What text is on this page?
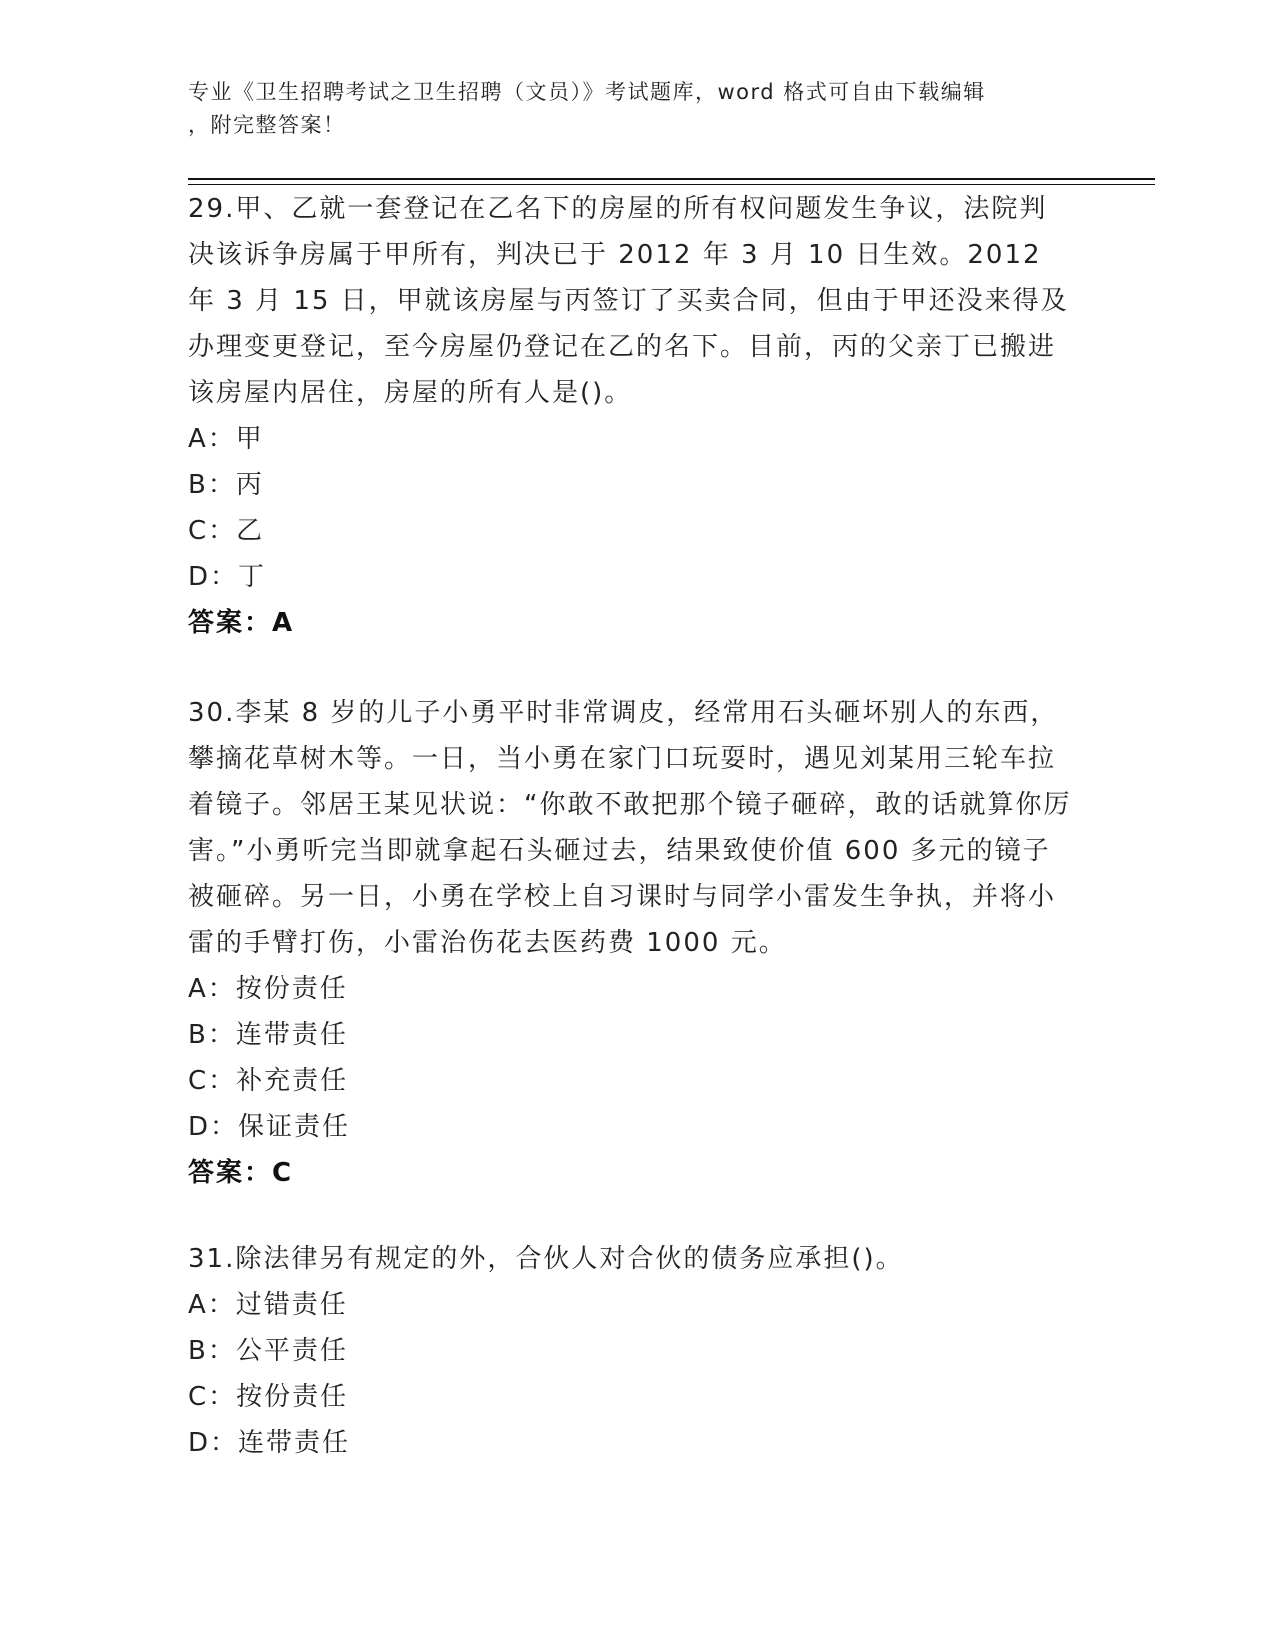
专业《卫生招聘考试之卫生招聘（文员）》考试题库，word 格式可自由下载编辑
，附完整答案！

29.甲、乙就一套登记在乙名下的房屋的所有权问题发生争议，法院判决该诉争房属于甲所有，判决已于 2012 年 3 月 10 日生效。2012 年 3 月 15 日，甲就该房屋与丙签订了买卖合同，但由于甲还没来得及办理变更登记，至今房屋仍登记在乙的名下。目前，丙的父亲丁已搬进该房屋内居住，房屋的所有人是()。

A：甲

B：丙

C：乙

D：丁

答案：A

30.李某 8 岁的儿子小勇平时非常调皮，经常用石头砸坏别人的东西，攀摘花草树木等。一日，当小勇在家门口玩耍时，遇见刘某用三轮车拉着镜子。邻居王某见状说：“你敢不敢把那个镜子砸碎，敢的话就算你厉害。”小勇听完当即就拿起石头砸过去，结果致使价值 600 多元的镜子被砸碎。另一日，小勇在学校上自习课时与同学小雷发生争执，并将小雷的手臂打伤，小雷治伤花去医药费 1000 元。

A：按份责任

B：连带责任

C：补充责任

D：保证责任

答案：C

31.除法律另有规定的外，合伙人对合伙的债务应承担()。

A：过错责任

B：公平责任

C：按份责任

D：连带责任
